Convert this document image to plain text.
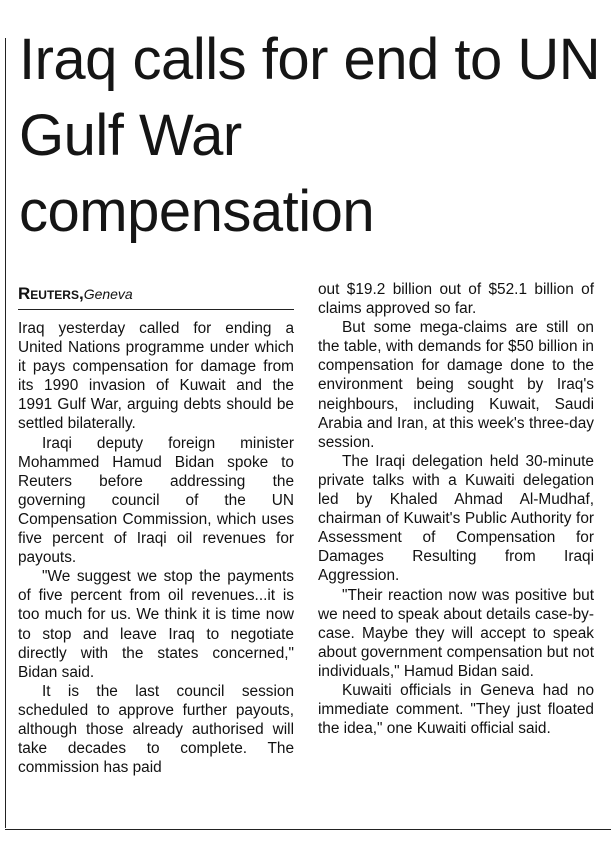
Iraq calls for end to UN Gulf War compensation
Reuters,Geneva

Iraq yesterday called for ending a United Nations programme under which it pays compensation for damage from its 1990 invasion of Kuwait and the 1991 Gulf War, arguing debts should be settled bilaterally.

Iraqi deputy foreign minister Mohammed Hamud Bidan spoke to Reuters before addressing the governing council of the UN Compensation Commission, which uses five percent of Iraqi oil revenues for payouts.

"We suggest we stop the payments of five percent from oil revenues...it is too much for us. We think it is time now to stop and leave Iraq to negotiate directly with the states concerned," Bidan said.

It is the last council session scheduled to approve further payouts, although those already authorised will take decades to complete. The commission has paid

out $19.2 billion out of $52.1 billion of claims approved so far.

But some mega-claims are still on the table, with demands for $50 billion in compensation for damage done to the environment being sought by Iraq's neighbours, including Kuwait, Saudi Arabia and Iran, at this week's three-day session.

The Iraqi delegation held 30-minute private talks with a Kuwaiti delegation led by Khaled Ahmad Al-Mudhaf, chairman of Kuwait's Public Authority for Assessment of Compensation for Damages Resulting from Iraqi Aggression.

"Their reaction now was positive but we need to speak about details case-by-case. Maybe they will accept to speak about government compensation but not individuals," Hamud Bidan said.

Kuwaiti officials in Geneva had no immediate comment. "They just floated the idea," one Kuwaiti official said.
